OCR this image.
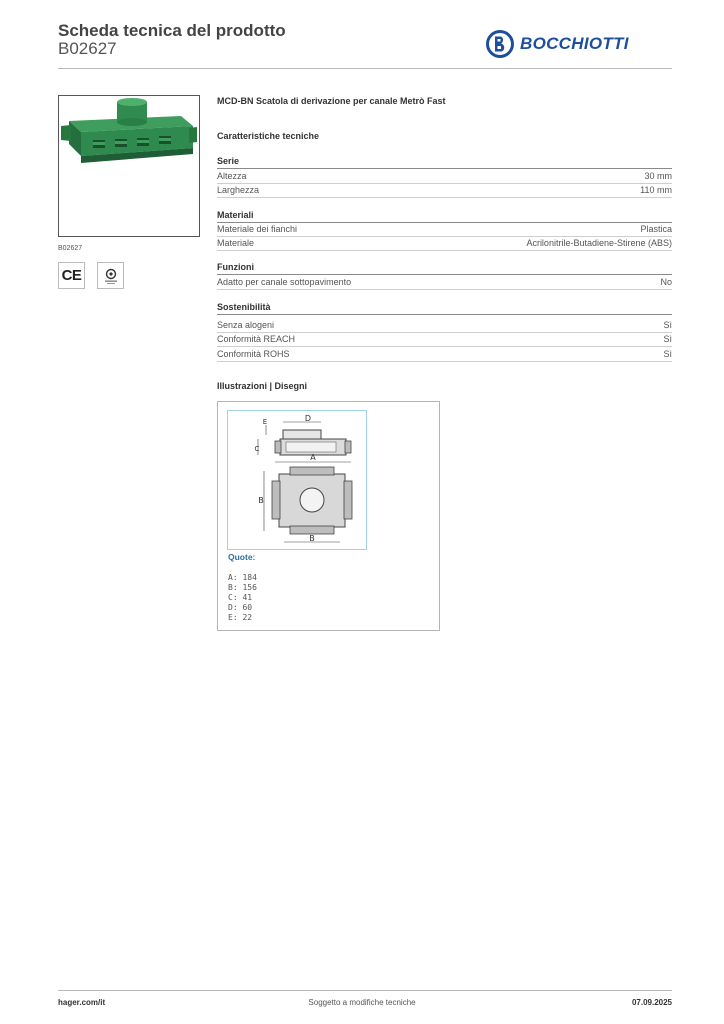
Scheda tecnica del prodotto
B02627	BOCCHIOTTI
B02627
CE
MCD-BN Scatola di derivazione per canale Metrò Fast
Caratteristiche tecniche
Serie
Altezza	30 mm
Larghezza	110 mm
Materiali
Materiale dei fianchi	Plastica
Materiale	Acrilonitrile-Butadiene-Stirene (ABS)
Funzioni
Adatto per canale sottopavimento	No
Sostenibilità
Senza alogeni	Sì
Conformità REACH	Sì
Conformità ROHS	Sì
Illustrazioni | Disegni
D
E
C
A
B
B
Quote:
A: 184
B: 156
C: 41
D: 60
E: 22
hager.com/it	Soggetto a modifiche tecniche	07.09.2025
